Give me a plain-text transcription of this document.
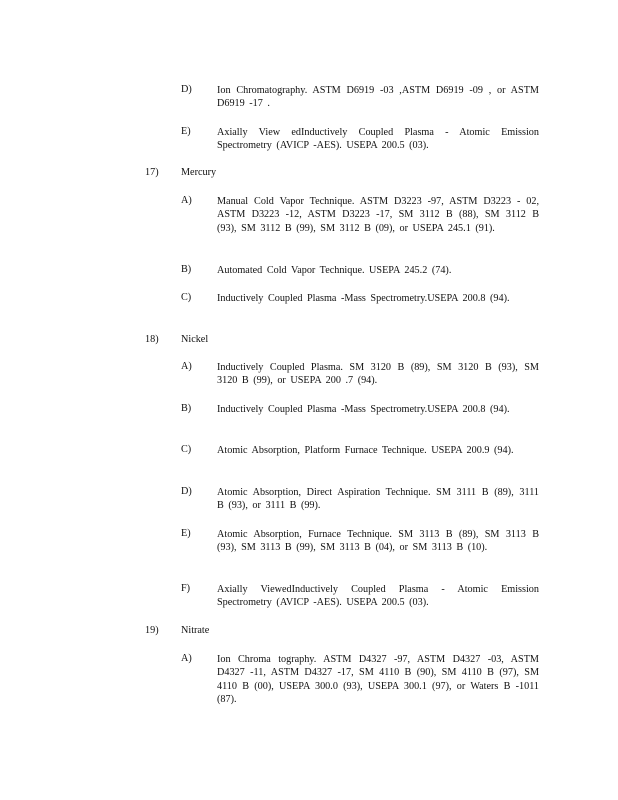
D) Ion Chromatography. ASTM D6919 -03 ,ASTM D6919 -09 , or ASTM D6919 -17 .
E)	Axially View edInductively Coupled Plasma - Atomic Emission Spectrometry (AVICP -AES). USEPA 200.5 (03).
17) Mercury
A) Manual Cold Vapor Technique. ASTM D3223 -97, ASTM D3223 - 02, ASTM D3223 -12, ASTM D3223 -17, SM 3112 B (88), SM 3112 B (93), SM 3112 B (99), SM 3112 B (09), or USEPA 245.1 (91).
B)	Automated Cold Vapor Technique. USEPA 245.2 (74).
C)	Inductively Coupled Plasma -Mass Spectrometry.USEPA 200.8 (94).
18) Nickel
A) Inductively Coupled Plasma. SM 3120 B (89), SM 3120 B (93), SM 3120 B (99), or USEPA 200 .7 (94).
B)	Inductively Coupled Plasma -Mass Spectrometry.USEPA 200.8 (94).
C)	Atomic Absorption, Platform Furnace Technique. USEPA 200.9 (94).
D) Atomic Absorption, Direct Aspiration Technique. SM 3111 B (89), 3111 B (93), or 3111 B (99).
E)	Atomic Absorption, Furnace Technique. SM 3113 B (89), SM 3113 B (93), SM 3113 B (99), SM 3113 B (04), or SM 3113 B (10).
F)	Axially ViewedInductively Coupled Plasma - Atomic Emission Spectrometry (AVICP -AES). USEPA 200.5 (03).
19) Nitrate
A) Ion Chroma tography. ASTM D4327 -97, ASTM D4327 -03, ASTM D4327 -11, ASTM D4327 -17, SM 4110 B (90), SM 4110 B (97), SM 4110 B (00), USEPA 300.0 (93), USEPA 300.1 (97), or Waters B -1011 (87).
